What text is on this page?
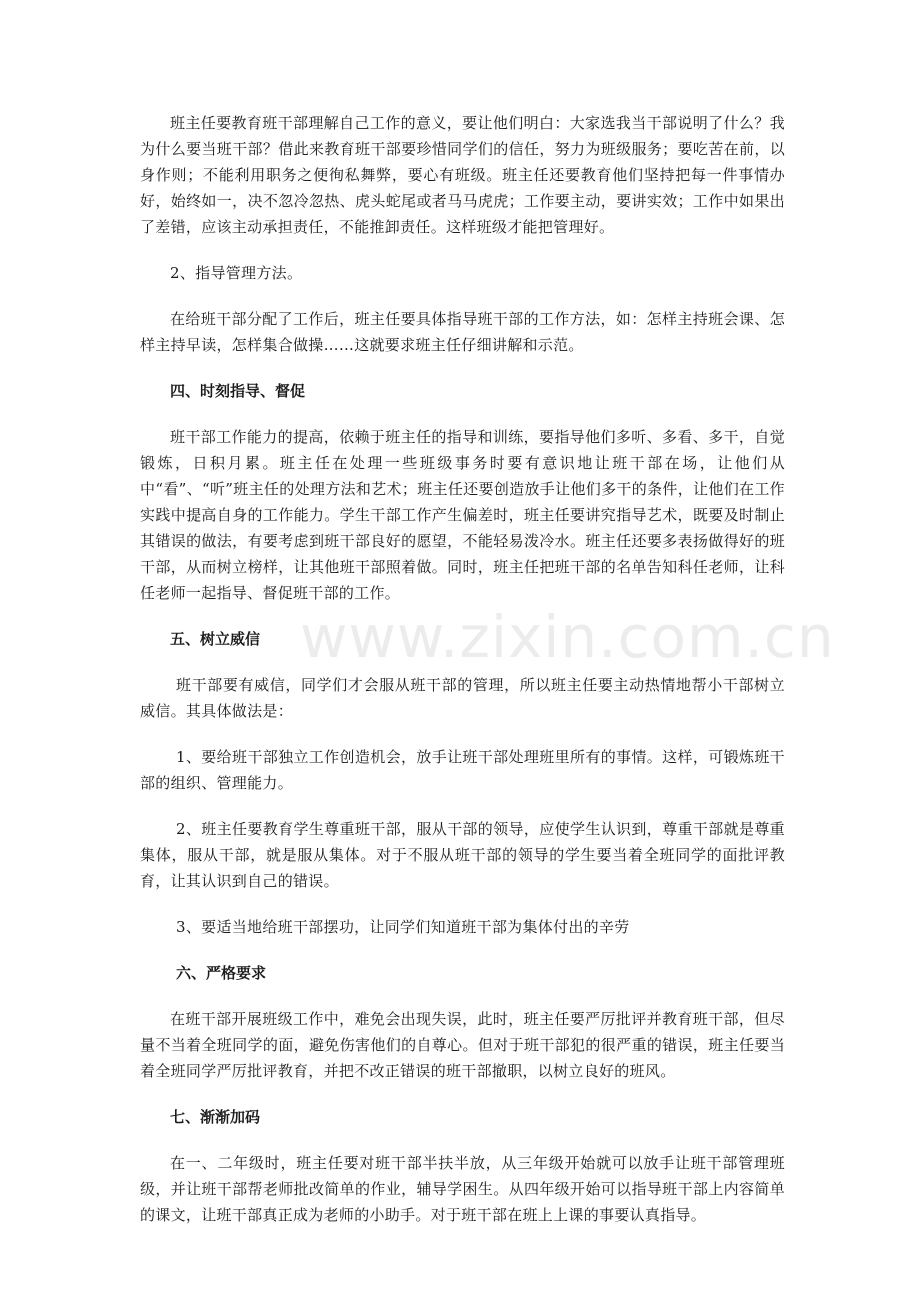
班主任要教育班干部理解自己工作的意义，要让他们明白：大家选我当干部说明了什么？我为什么要当班干部？借此来教育班干部要珍惜同学们的信任，努力为班级服务；要吃苦在前，以身作则；不能利用职务之便徇私舞弊，要心有班级。班主任还要教育他们坚持把每一件事情办好，始终如一，决不忽冷忽热、虎头蛇尾或者马马虎虎；工作要主动，要讲实效；工作中如果出了差错，应该主动承担责任，不能推卸责任。这样班级才能把管理好。

2、指导管理方法。

在给班干部分配了工作后，班主任要具体指导班干部的工作方法，如：怎样主持班会课、怎样主持早读，怎样集合做操……这就要求班主任仔细讲解和示范。

四、时刻指导、督促

班干部工作能力的提高，依赖于班主任的指导和训练，要指导他们多听、多看、多干，自觉锻炼，日积月累。班主任在处理一些班级事务时要有意识地让班干部在场，让他们从中“看”、“听”班主任的处理方法和艺术；班主任还要创造放手让他们多干的条件，让他们在工作实践中提高自身的工作能力。学生干部工作产生偏差时，班主任要讲究指导艺术，既要及时制止其错误的做法，有要考虑到班干部良好的愿望，不能轻易泼冷水。班主任还要多表扬做得好的班干部，从而树立榜样，让其他班干部照着做。同时，班主任把班干部的名单告知科任老师，让科任老师一起指导、督促班干部的工作。

五、树立威信

班干部要有威信，同学们才会服从班干部的管理，所以班主任要主动热情地帮小干部树立威信。其具体做法是：

1、要给班干部独立工作创造机会，放手让班干部处理班里所有的事情。这样，可锻炼班干部的组织、管理能力。

2、班主任要教育学生尊重班干部，服从干部的领导，应使学生认识到，尊重干部就是尊重集体，服从干部，就是服从集体。对于不服从班干部的领导的学生要当着全班同学的面批评教育，让其认识到自己的错误。

3、要适当地给班干部摆功，让同学们知道班干部为集体付出的辛劳

六、严格要求

在班干部开展班级工作中，难免会出现失误，此时，班主任要严厉批评并教育班干部，但尽量不当着全班同学的面，避免伤害他们的自尊心。但对于班干部犯的很严重的错误，班主任要当着全班同学严厉批评教育，并把不改正错误的班干部撤职，以树立良好的班风。

七、渐渐加码

在一、二年级时，班主任要对班干部半扶半放，从三年级开始就可以放手让班干部管理班级，并让班干部帮老师批改简单的作业，辅导学困生。从四年级开始可以指导班干部上内容简单的课文，让班干部真正成为老师的小助手。对于班干部在班上上课的事要认真指导。

www.zixin.com.cn
